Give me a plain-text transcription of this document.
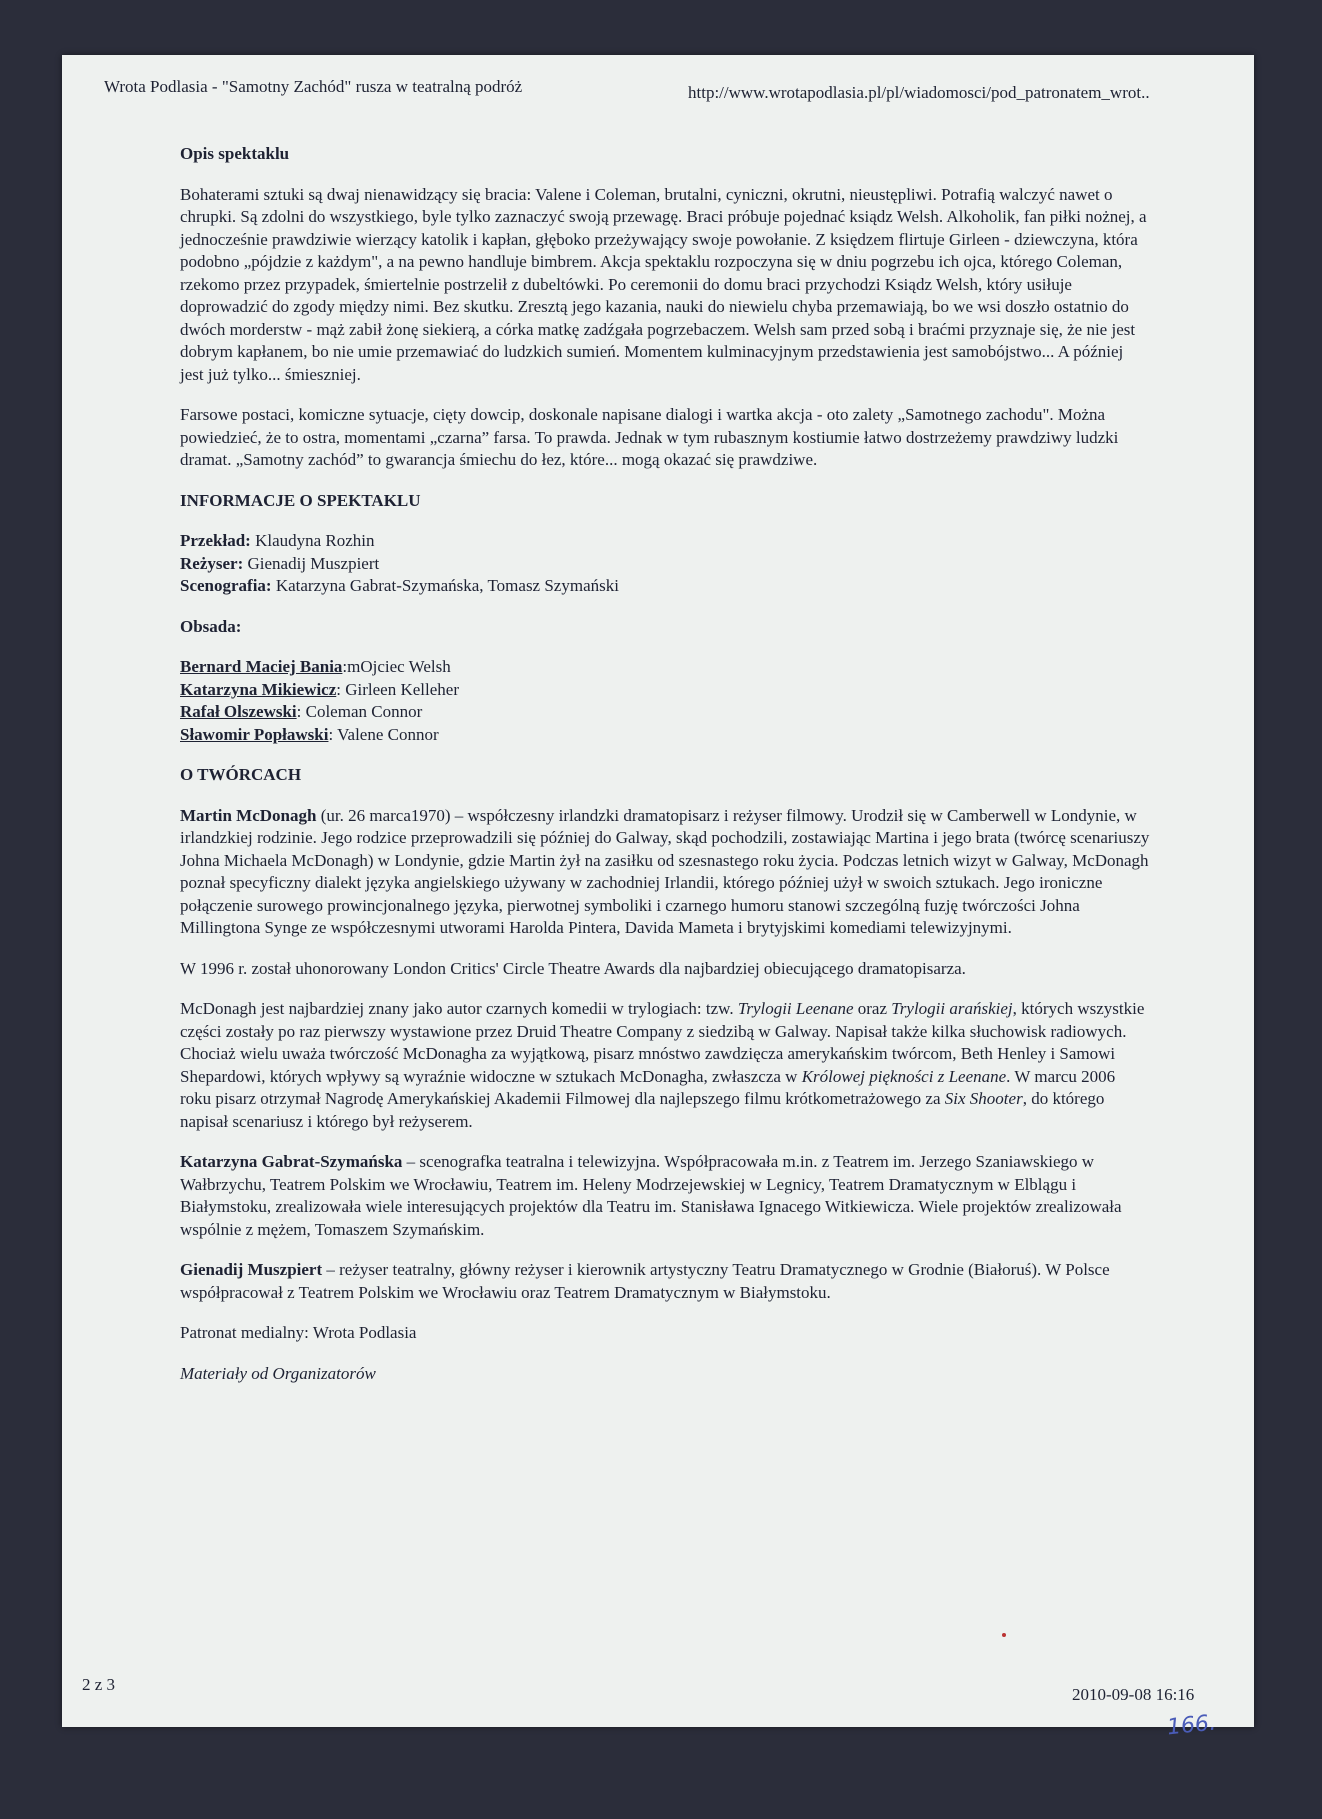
Wrota Podlasia - "Samotny Zachód" rusza w teatralną podróż	http://www.wrotapodlasia.pl/pl/wiadomosci/pod_patronatem_wrot..

Opis spektaklu

Bohaterami sztuki są dwaj nienawidzący się bracia: Valene i Coleman, brutalni, cyniczni, okrutni, nieustępliwi. Potrafią walczyć nawet o chrupki. Są zdolni do wszystkiego, byle tylko zaznaczyć swoją przewagę. Braci próbuje pojednać ksiądz Welsh. Alkoholik, fan piłki nożnej, a jednocześnie prawdziwie wierzący katolik i kapłan, głęboko przeżywający swoje powołanie. Z księdzem flirtuje Girleen - dziewczyna, która podobno „pójdzie z każdym", a na pewno handluje bimbrem. Akcja spektaklu rozpoczyna się w dniu pogrzebu ich ojca, którego Coleman, rzekomo przez przypadek, śmiertelnie postrzelił z dubeltówki. Po ceremonii do domu braci przychodzi Ksiądz Welsh, który usiłuje doprowadzić do zgody między nimi. Bez skutku. Zresztą jego kazania, nauki do niewielu chyba przemawiają, bo we wsi doszło ostatnio do dwóch morderstw - mąż zabił żonę siekierą, a córka matkę zadźgała pogrzebaczem. Welsh sam przed sobą i braćmi przyznaje się, że nie jest dobrym kapłanem, bo nie umie przemawiać do ludzkich sumień. Momentem kulminacyjnym przedstawienia jest samobójstwo... A później jest już tylko... śmieszniej.

Farsowe postaci, komiczne sytuacje, cięty dowcip, doskonale napisane dialogi i wartka akcja - oto zalety „Samotnego zachodu". Można powiedzieć, że to ostra, momentami „czarna” farsa. To prawda. Jednak w tym rubasznym kostiumie łatwo dostrzeżemy prawdziwy ludzki dramat. „Samotny zachód” to gwarancja śmiechu do łez, które... mogą okazać się prawdziwe.

INFORMACJE O SPEKTAKLU

Przekład: Klaudyna Rozhin

Reżyser: Gienadij Muszpiert

Scenografia: Katarzyna Gabrat-Szymańska, Tomasz Szymański

Obsada:

Bernard Maciej Bania:mOjciec Welsh

Katarzyna Mikiewicz: Girleen Kelleher

Rafał Olszewski: Coleman Connor

Sławomir Popławski: Valene Connor

O TWÓRCACH

Martin McDonagh (ur. 26 marca1970) – współczesny irlandzki dramatopisarz i reżyser filmowy. Urodził się w Camberwell w Londynie, w irlandzkiej rodzinie. Jego rodzice przeprowadzili się później do Galway, skąd pochodzili, zostawiając Martina i jego brata (twórcę scenariuszy Johna Michaela McDonagh) w Londynie, gdzie Martin żył na zasiłku od szesnastego roku życia. Podczas letnich wizyt w Galway, McDonagh poznał specyficzny dialekt języka angielskiego używany w zachodniej Irlandii, którego później użył w swoich sztukach. Jego ironiczne połączenie surowego prowincjonalnego języka, pierwotnej symboliki i czarnego humoru stanowi szczególną fuzję twórczości Johna Millingtona Synge ze współczesnymi utworami Harolda Pintera, Davida Mameta i brytyjskimi komediami telewizyjnymi.

W 1996 r. został uhonorowany London Critics' Circle Theatre Awards dla najbardziej obiecującego dramatopisarza.

McDonagh jest najbardziej znany jako autor czarnych komedii w trylogiach: tzw. Trylogii Leenane oraz Trylogii arańskiej, których wszystkie części zostały po raz pierwszy wystawione przez Druid Theatre Company z siedzibą w Galway. Napisał także kilka słuchowisk radiowych. Chociaż wielu uważa twórczość McDonagha za wyjątkową, pisarz mnóstwo zawdzięcza amerykańskim twórcom, Beth Henley i Samowi Shepardowi, których wpływy są wyraźnie widoczne w sztukach McDonagha, zwłaszcza w Królowej piękności z Leenane. W marcu 2006 roku pisarz otrzymał Nagrodę Amerykańskiej Akademii Filmowej dla najlepszego filmu krótkometrażowego za Six Shooter, do którego napisał scenariusz i którego był reżyserem.

Katarzyna Gabrat-Szymańska – scenografka teatralna i telewizyjna. Współpracowała m.in. z Teatrem im. Jerzego Szaniawskiego w Wałbrzychu, Teatrem Polskim we Wrocławiu, Teatrem im. Heleny Modrzejewskiej w Legnicy, Teatrem Dramatycznym w Elblągu i Białymstoku, zrealizowała wiele interesujących projektów dla Teatru im. Stanisława Ignacego Witkiewicza. Wiele projektów zrealizowała wspólnie z mężem, Tomaszem Szymańskim.

Gienadij Muszpiert – reżyser teatralny, główny reżyser i kierownik artystyczny Teatru Dramatycznego w Grodnie (Białoruś). W Polsce współpracował z Teatrem Polskim we Wrocławiu oraz Teatrem Dramatycznym w Białymstoku.

Patronat medialny: Wrota Podlasia

Materiały od Organizatorów

2 z 3
2010-09-08 16:16
166.
